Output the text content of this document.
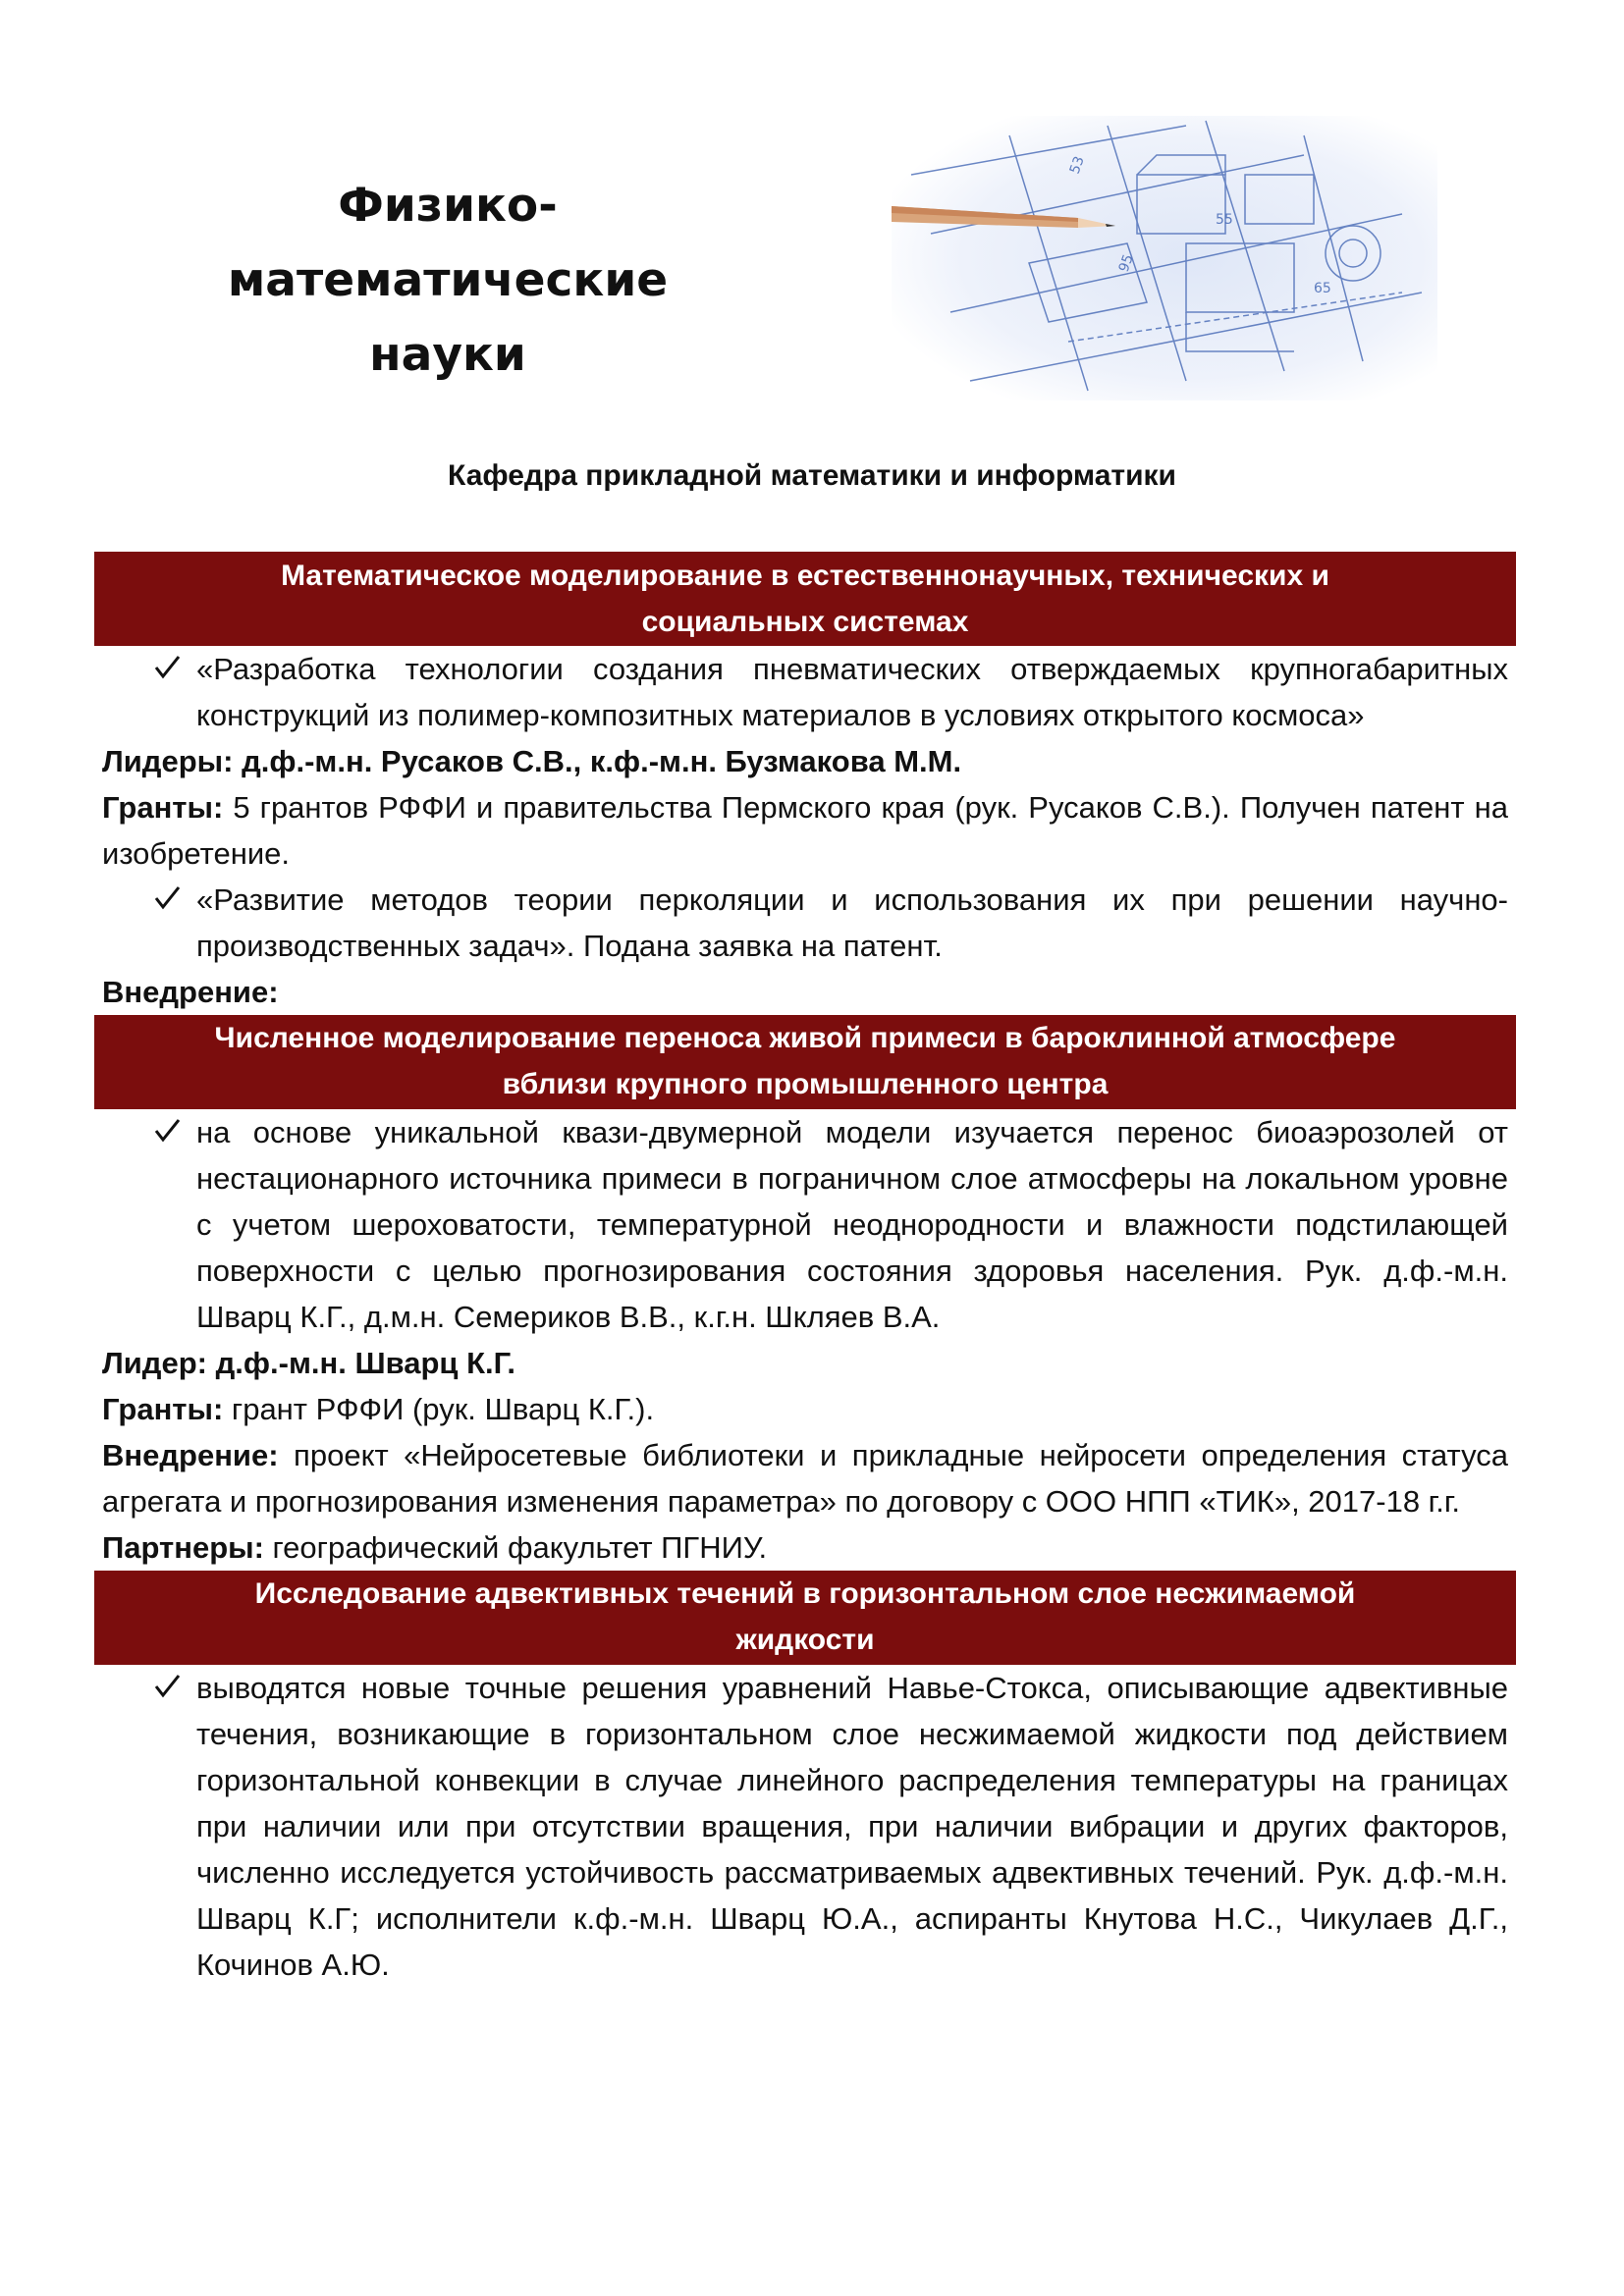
Физико-математические
науки
53
55
65
95
Кафедра прикладной математики и информатики
Математическое моделирование в естественнонаучных, технических и
социальных системах
«Разработка технологии создания пневматических отверждаемых крупногабаритных конструкций из полимер-композитных материалов в условиях открытого космоса»
Лидеры: д.ф.-м.н. Русаков С.В., к.ф.-м.н. Бузмакова М.М.
Гранты: 5 грантов РФФИ и правительства Пермского края (рук. Русаков С.В.). Получен патент на изобретение.
«Развитие методов теории перколяции и использования их при решении научно-производственных задач». Подана заявка на патент.
Внедрение:
Численное моделирование переноса живой примеси в бароклинной атмосфере
вблизи крупного промышленного центра
на основе уникальной квази-двумерной модели изучается перенос биоаэрозолей от нестационарного источника примеси в пограничном слое атмосферы на локальном уровне с учетом шероховатости, температурной неоднородности и влажности подстилающей поверхности с целью прогнозирования состояния здоровья населения. Рук. д.ф.-м.н. Шварц К.Г., д.м.н. Семериков В.В., к.г.н. Шкляев В.А.
Лидер: д.ф.-м.н. Шварц К.Г.
Гранты: грант РФФИ (рук. Шварц К.Г.).
Внедрение: проект «Нейросетевые библиотеки и прикладные нейросети определения статуса агрегата и прогнозирования изменения параметра» по договору с ООО НПП «ТИК», 2017-18 г.г.
Партнеры: географический факультет ПГНИУ.
Исследование адвективных течений в горизонтальном слое несжимаемой
жидкости
выводятся новые точные решения уравнений Навье-Стокса, описывающие адвективные течения, возникающие в горизонтальном слое несжимаемой жидкости под действием горизонтальной конвекции в случае линейного распределения температуры на границах при наличии или при отсутствии вращения, при наличии вибрации и других факторов, численно исследуется устойчивость рассматриваемых адвективных течений. Рук. д.ф.-м.н. Шварц К.Г; исполнители к.ф.-м.н. Шварц Ю.А., аспиранты Кнутова Н.С., Чикулаев Д.Г., Кочинов А.Ю.
